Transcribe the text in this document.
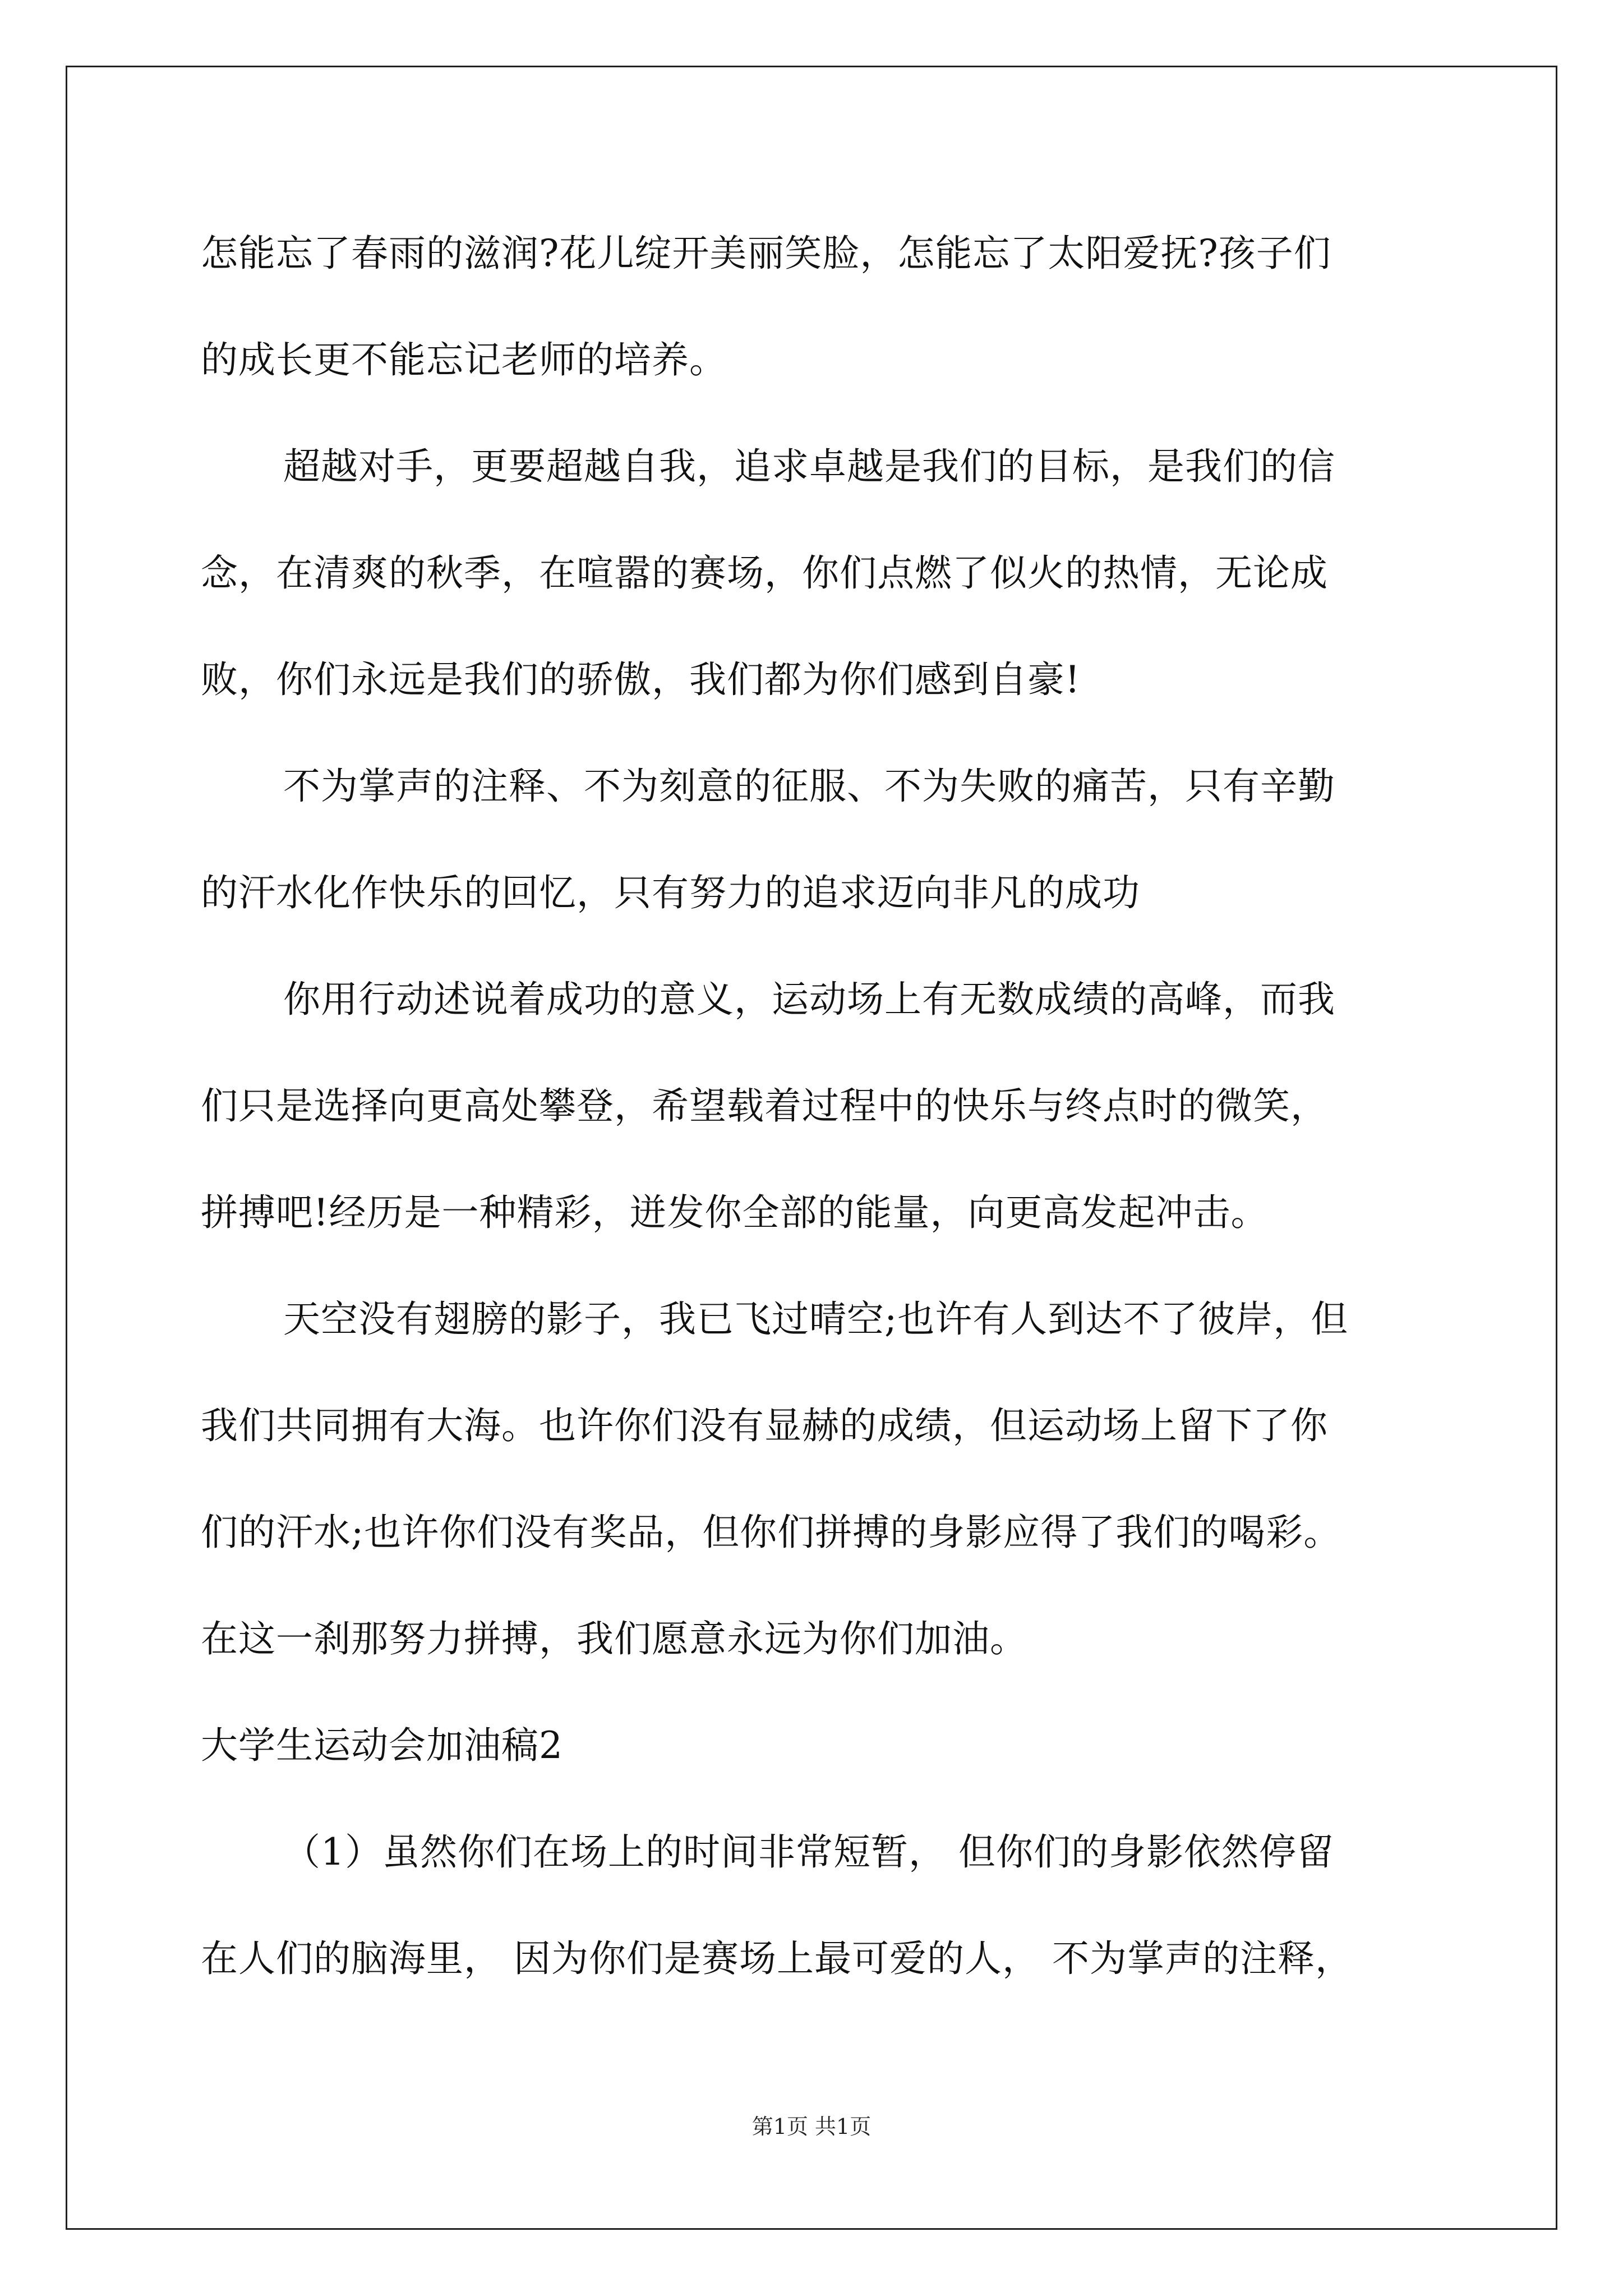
怎能忘了春雨的滋润?花儿绽开美丽笑脸，怎能忘了太阳爱抚?孩子们
的成长更不能忘记老师的培养。
超越对手，更要超越自我，追求卓越是我们的目标，是我们的信
念，在清爽的秋季，在喧嚣的赛场，你们点燃了似火的热情，无论成
败，你们永远是我们的骄傲，我们都为你们感到自豪!
不为掌声的注释、不为刻意的征服、不为失败的痛苦，只有辛勤
的汗水化作快乐的回忆，只有努力的追求迈向非凡的成功
你用行动述说着成功的意义，运动场上有无数成绩的高峰，而我
们只是选择向更高处攀登，希望载着过程中的快乐与终点时的微笑，
拼搏吧!经历是一种精彩，迸发你全部的能量，向更高发起冲击。
天空没有翅膀的影子，我已飞过晴空;也许有人到达不了彼岸，但
我们共同拥有大海。也许你们没有显赫的成绩，但运动场上留下了你
们的汗水;也许你们没有奖品，但你们拼搏的身影应得了我们的喝彩。
在这一刹那努力拼搏，我们愿意永远为你们加油。
大学生运动会加油稿2
（1）虽然你们在场上的时间非常短暂， 但你们的身影依然停留
在人们的脑海里， 因为你们是赛场上最可爱的人， 不为掌声的注释，
第1页 共1页
